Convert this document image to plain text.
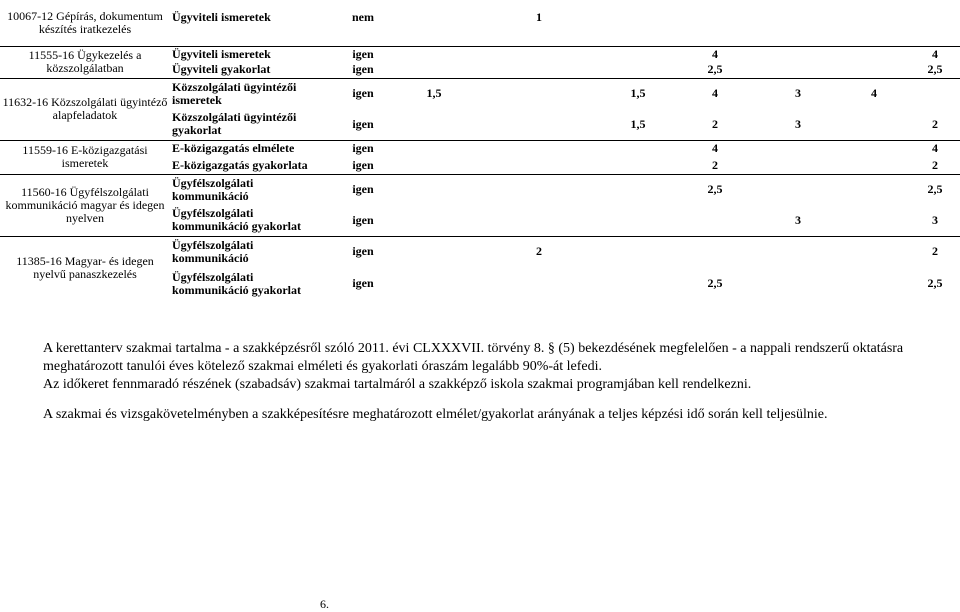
10067-12 Gépírás, dokumentum készítés iratkezelés	Ügyviteli ismeretek	nem		1					

11555-16 Ügykezelés a közszolgálatban	Ügyviteli ismeretek	igen				4			4
	Ügyviteli gyakorlat	igen				2,5			2,5
11632-16 Közszolgálati ügyintéző alapfeladatok	Közszolgálati ügyintézői ismeretek	igen	1,5		1,5	4	3	4	
	Közszolgálati ügyintézői gyakorlat	igen			1,5	2	3		2
11559-16 E-közigazgatási ismeretek	E-közigazgatás elmélete	igen				4			4
	E-közigazgatás gyakorlata	igen				2			2
11560-16 Ügyfélszolgálati kommunikáció magyar és idegen nyelven	Ügyfélszolgálati kommunikáció	igen				2,5			2,5
	Ügyfélszolgálati kommunikáció gyakorlat	igen					3		3
11385-16 Magyar- és idegen nyelvű panaszkezelés	Ügyfélszolgálati kommunikáció	igen		2					2
	Ügyfélszolgálati kommunikáció gyakorlat	igen				2,5			2,5

A kerettanterv szakmai tartalma - a szakképzésről szóló 2011. évi CLXXXVII. törvény 8. § (5) bekezdésének megfelelően - a nappali rendszerű oktatásra meghatározott tanulói éves kötelező szakmai elméleti és gyakorlati óraszám legalább 90%-át lefedi.

Az időkeret fennmaradó részének (szabadsáv) szakmai tartalmáról a szakképző iskola szakmai programjában kell rendelkezni.

A szakmai és vizsgakövetelményben a szakképesítésre meghatározott elmélet/gyakorlat arányának a teljes képzési idő során kell teljesülnie.

6.
